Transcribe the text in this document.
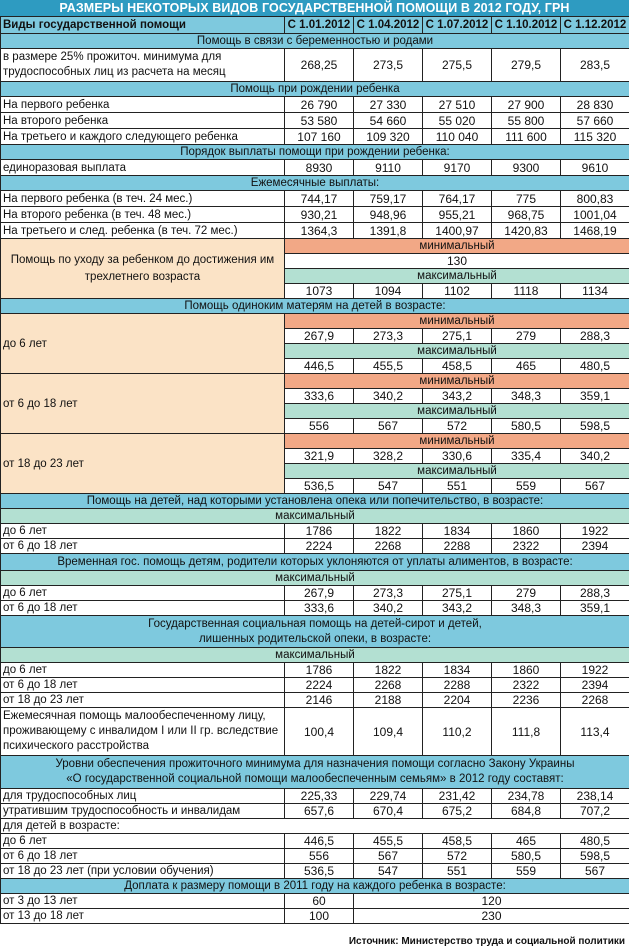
РАЗМЕРЫ НЕКОТОРЫХ ВИДОВ ГОСУДАРСТВЕННОЙ ПОМОЩИ В 2012 ГОДУ, ГРН
Виды государственной помощи	С 1.01.2012	С 1.04.2012	С 1.07.2012	С 1.10.2012	С 1.12.2012
Помощь в связи с беременностью и родами					
в размере 25% прожиточ. минимума для трудоспособных лиц из расчета на месяц	268,25	273,5	275,5	279,5	283,5
Помощь при рождении ребенка					
На первого ребенка	26 790	27 330	27 510	27 900	28 830
На второго ребенка	53 580	54 660	55 020	55 800	57 660
На третьего и каждого следующего ребенка	107 160	109 320	110 040	111 600	115 320
Порядок выплаты помощи при рождении ребенка:					
единоразовая выплата	8930	9110	9170	9300	9610
Ежемесячные выплаты:					
На первого ребенка (в теч. 24 мес.)	744,17	759,17	764,17	775	800,83
На второго ребенка (в теч. 48 мес.)	930,21	948,96	955,21	968,75	1001,04
На третьего и след. ребенка (в теч. 72 мес.)	1364,3	1391,8	1400,97	1420,83	1468,19
Помощь по уходу за ребенком до достижения им трехлетнего возраста	минимальный				
	130				
	максимальный				
	1073	1094	1102	1118	1134
Помощь одиноким матерям на детей в возрасте:					
до 6 лет	минимальный				
	267,9	273,3	275,1	279	288,3
	максимальный				
	446,5	455,5	458,5	465	480,5
от 6 до 18 лет	минимальный				
	333,6	340,2	343,2	348,3	359,1
	максимальный				
	556	567	572	580,5	598,5
от 18 до 23 лет	минимальный				
	321,9	328,2	330,6	335,4	340,2
	максимальный				
	536,5	547	551	559	567
Помощь на детей, над которыми установлена опека или попечительство, в возрасте:					
максимальный					
до 6 лет	1786	1822	1834	1860	1922
от 6 до 18 лет	2224	2268	2288	2322	2394
Временная гос. помощь детям, родители которых уклоняются от уплаты алиментов, в возрасте:					
максимальный					
до 6 лет	267,9	273,3	275,1	279	288,3
от 6 до 18 лет	333,6	340,2	343,2	348,3	359,1

Государственная социальная помощь на детей-сирот и детей,
лишенных родительской опеки, в возрасте:					

максимальный					
до 6 лет	1786	1822	1834	1860	1922
от 6 до 18 лет	2224	2268	2288	2322	2394
от 18 до 23 лет	2146	2188	2204	2236	2268
Ежемесячная помощь малообеспеченному лицу, проживающему с инвалидом I или II гр. вследствие психического расстройства	100,4	109,4	110,2	111,8	113,4

Уровни обеспечения прожиточного минимума для назначения помощи согласно Закону Украины
«О государственной социальной помощи малообеспеченным семьям» в 2012 году составят:					

для трудоспособных лиц	225,33	229,74	231,42	234,78	238,14
утратившим трудоспособность и инвалидам	657,6	670,4	675,2	684,8	707,2
для детей в возрасте:					
до 6 лет	446,5	455,5	458,5	465	480,5
от 6 до 18 лет	556	567	572	580,5	598,5
от 18 до 23 лет (при условии обучения)	536,5	547	551	559	567
Доплата к размеру помощи в 2011 году на каждого ребенка в возрасте:					
от 3 до 13 лет	60	120			
от 13 до 18 лет	100	230			
Источник: Министерство труда и социальной политики
